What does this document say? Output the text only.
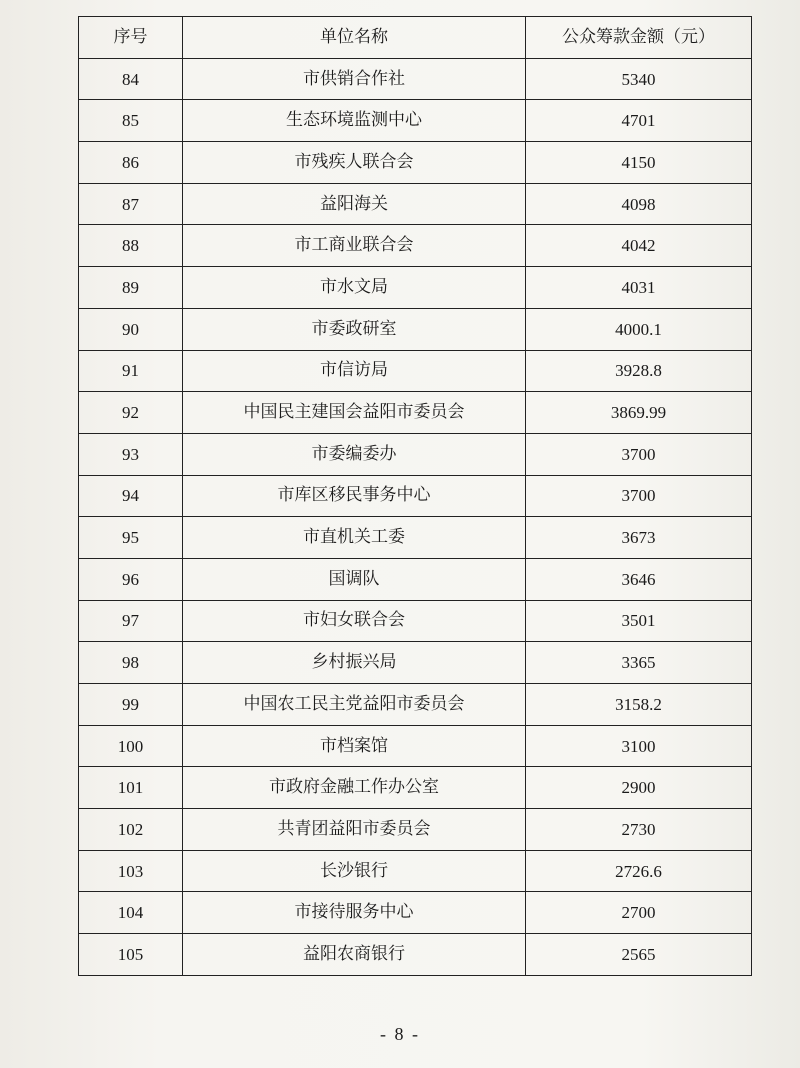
序号	单位名称	公众筹款金额（元）
84	市供销合作社	5340
85	生态环境监测中心	4701
86	市残疾人联合会	4150
87	益阳海关	4098
88	市工商业联合会	4042
89	市水文局	4031
90	市委政研室	4000.1
91	市信访局	3928.8
92	中国民主建国会益阳市委员会	3869.99
93	市委编委办	3700
94	市库区移民事务中心	3700
95	市直机关工委	3673
96	国调队	3646
97	市妇女联合会	3501
98	乡村振兴局	3365
99	中国农工民主党益阳市委员会	3158.2
100	市档案馆	3100
101	市政府金融工作办公室	2900
102	共青团益阳市委员会	2730
103	长沙银行	2726.6
104	市接待服务中心	2700
105	益阳农商银行	2565
- 8 -
